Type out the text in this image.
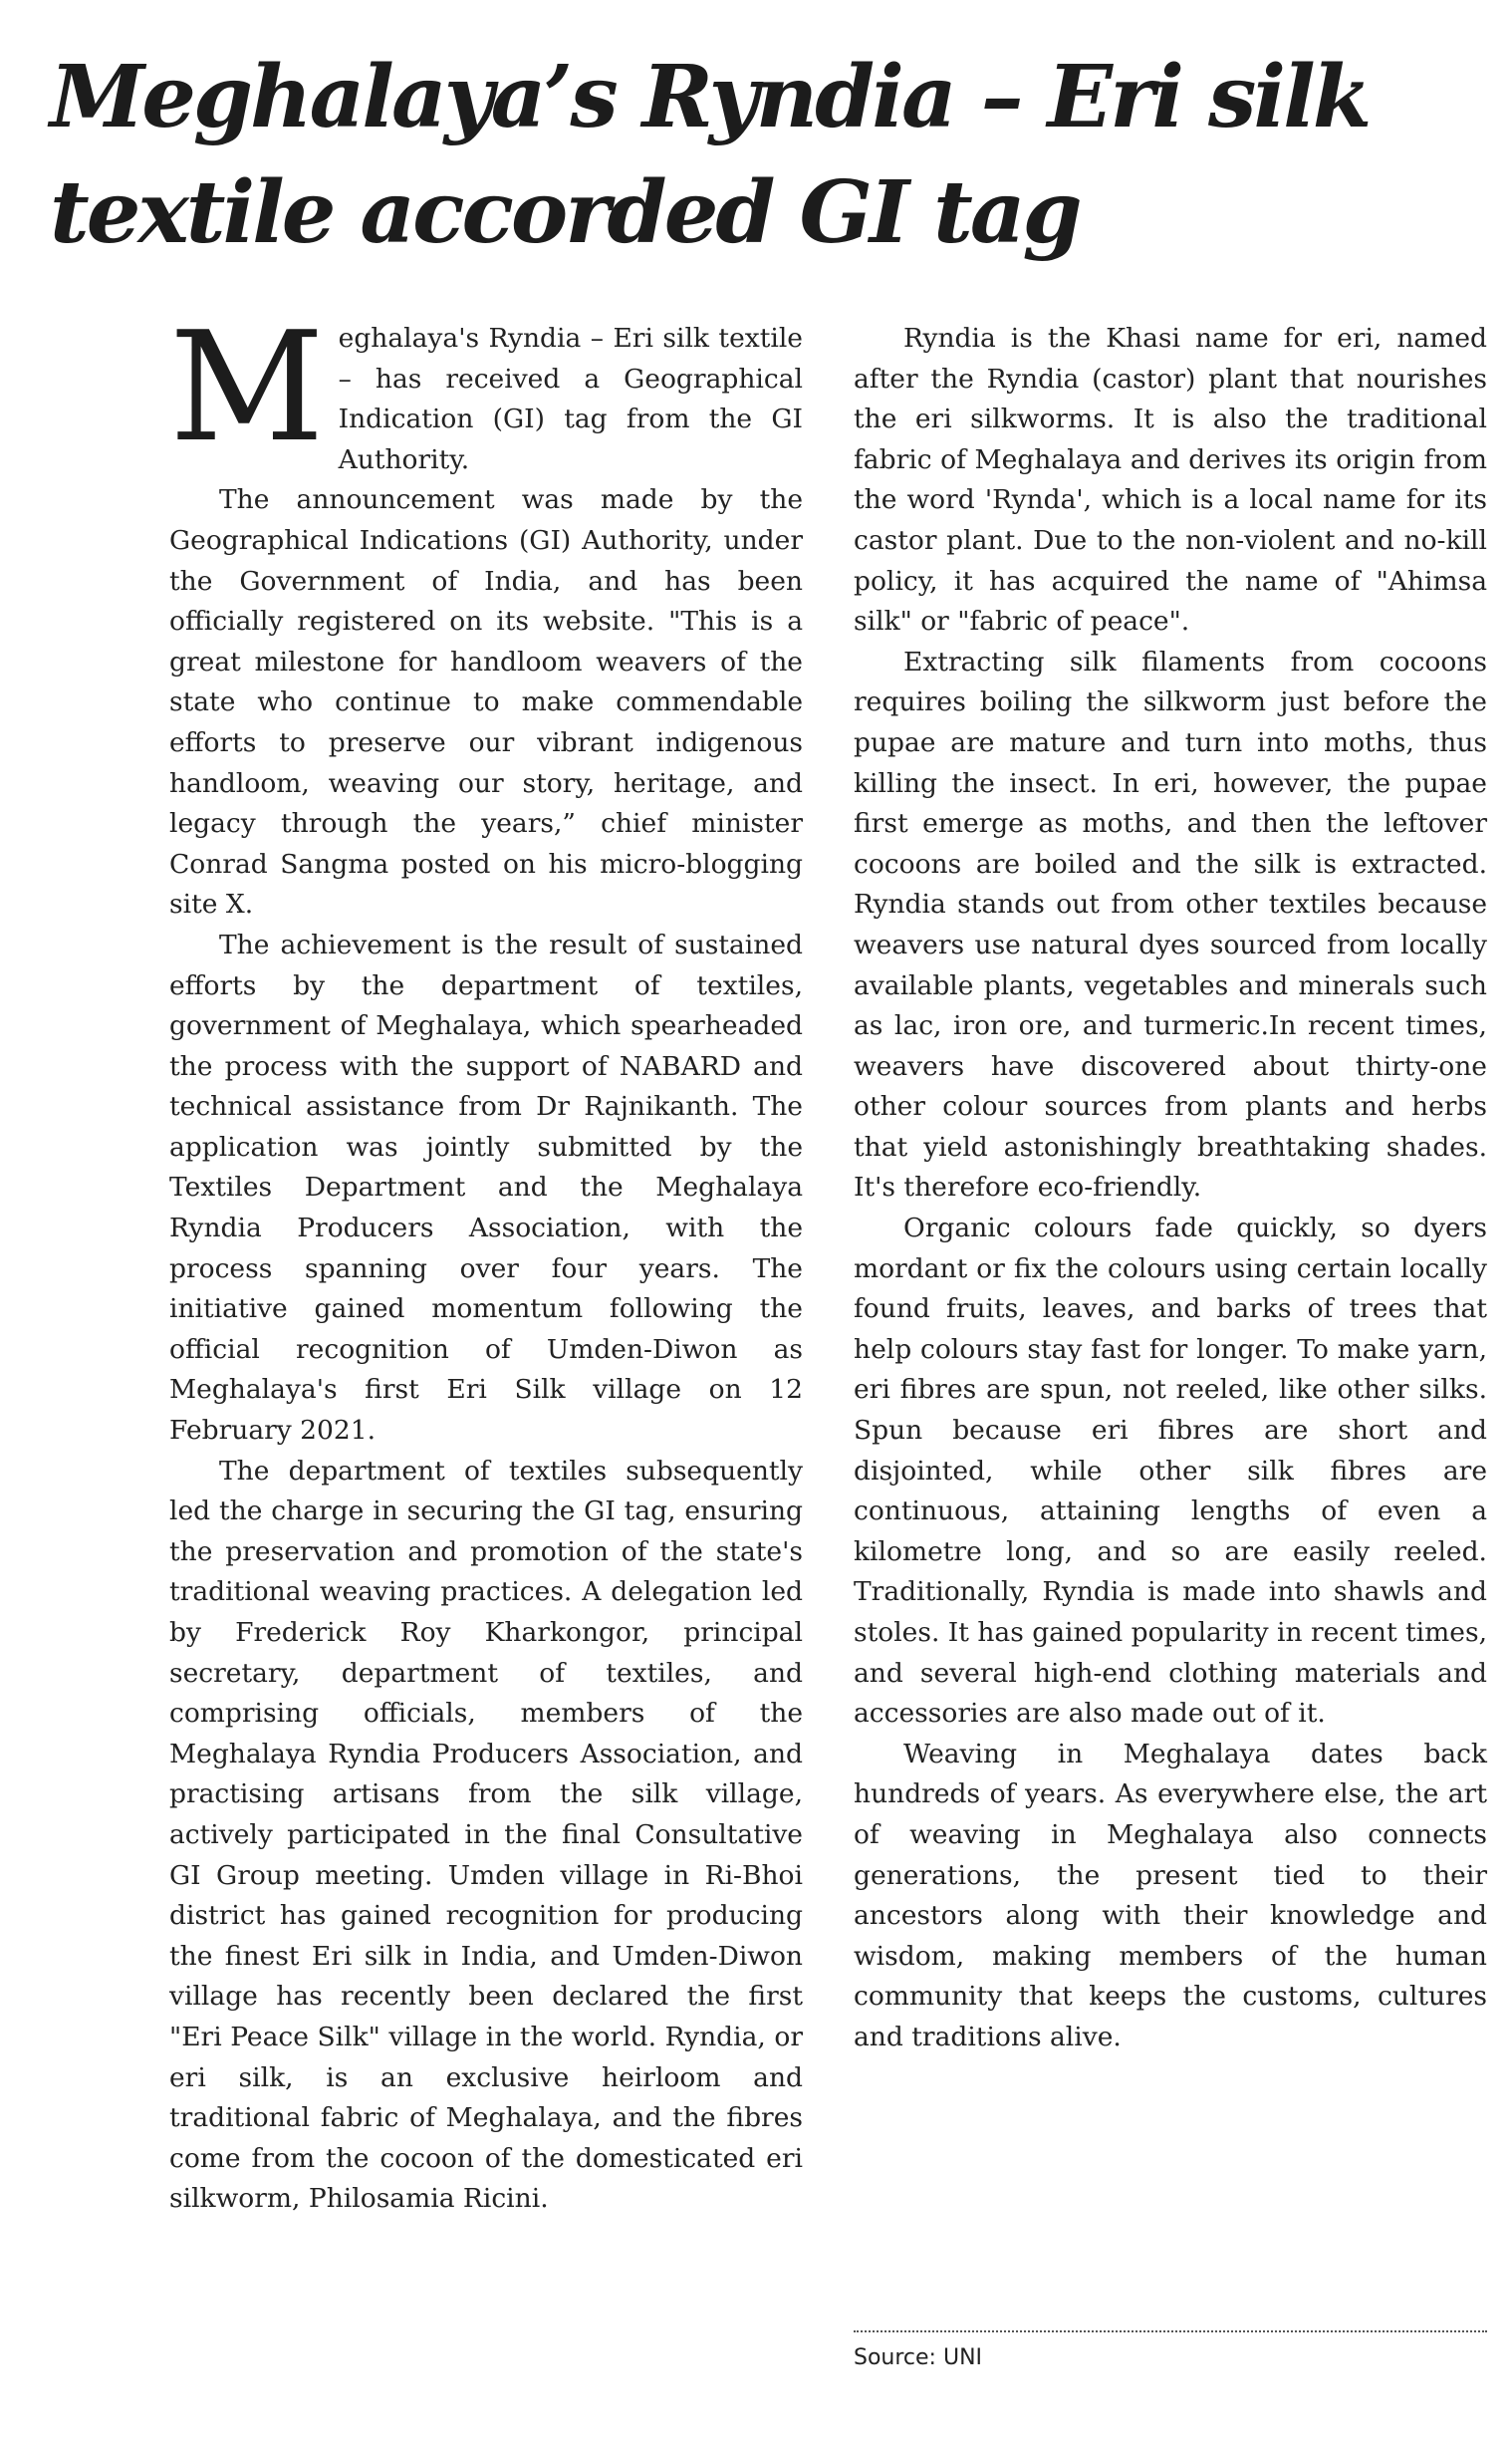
Meghalaya’s Ryndia – Eri silk
textile accorded GI tag

Meghalaya's Ryndia – Eri silk textile – has received a Geographical Indication (GI) tag from the GI Authority.

The announcement was made by the Geographical Indications (GI) Authority, under the Government of India, and has been officially registered on its website. "This is a great milestone for handloom weavers of the state who continue to make commendable efforts to preserve our vibrant indigenous handloom, weaving our story, heritage, and legacy through the years,” chief minister Conrad Sangma posted on his micro-blogging site X.

The achievement is the result of sustained efforts by the department of textiles, government of Meghalaya, which spearheaded the process with the support of NABARD and technical assistance from Dr Rajnikanth. The application was jointly submitted by the Textiles Department and the Meghalaya Ryndia Producers Association, with the process spanning over four years. The initiative gained momentum following the official recognition of Umden-Diwon as Meghalaya's first Eri Silk village on 12 February 2021.

The department of textiles subsequently led the charge in securing the GI tag, ensuring the preservation and promotion of the state's traditional weaving practices. A delegation led by Frederick Roy Kharkongor, principal secretary, department of textiles, and comprising officials, members of the Meghalaya Ryndia Producers Association, and practising artisans from the silk village, actively participated in the final Consultative GI Group meeting. Umden village in Ri-Bhoi district has gained recognition for producing the finest Eri silk in India, and Umden-Diwon village has recently been declared the first "Eri Peace Silk" village in the world. Ryndia, or eri silk, is an exclusive heirloom and traditional fabric of Meghalaya, and the fibres come from the cocoon of the domesticated eri silkworm, Philosamia Ricini.

Ryndia is the Khasi name for eri, named after the Ryndia (castor) plant that nourishes the eri silkworms. It is also the traditional fabric of Meghalaya and derives its origin from the word 'Rynda', which is a local name for its castor plant. Due to the non-violent and no-kill policy, it has acquired the name of "Ahimsa silk" or "fabric of peace".

Extracting silk filaments from cocoons requires boiling the silkworm just before the pupae are mature and turn into moths, thus killing the insect. In eri, however, the pupae first emerge as moths, and then the leftover cocoons are boiled and the silk is extracted. Ryndia stands out from other textiles because weavers use natural dyes sourced from locally available plants, vegetables and minerals such as lac, iron ore, and turmeric.In recent times, weavers have discovered about thirty-one other colour sources from plants and herbs that yield astonishingly breathtaking shades. It's therefore eco-friendly.

Organic colours fade quickly, so dyers mordant or fix the colours using certain locally found fruits, leaves, and barks of trees that help colours stay fast for longer. To make yarn, eri fibres are spun, not reeled, like other silks. Spun because eri fibres are short and disjointed, while other silk fibres are continuous, attaining lengths of even a kilometre long, and so are easily reeled. Traditionally, Ryndia is made into shawls and stoles. It has gained popularity in recent times, and several high-end clothing materials and accessories are also made out of it.

Weaving in Meghalaya dates back hundreds of years. As everywhere else, the art of weaving in Meghalaya also connects generations, the present tied to their ancestors along with their knowledge and wisdom, making members of the human community that keeps the customs, cultures and traditions alive.

Source: UNI
